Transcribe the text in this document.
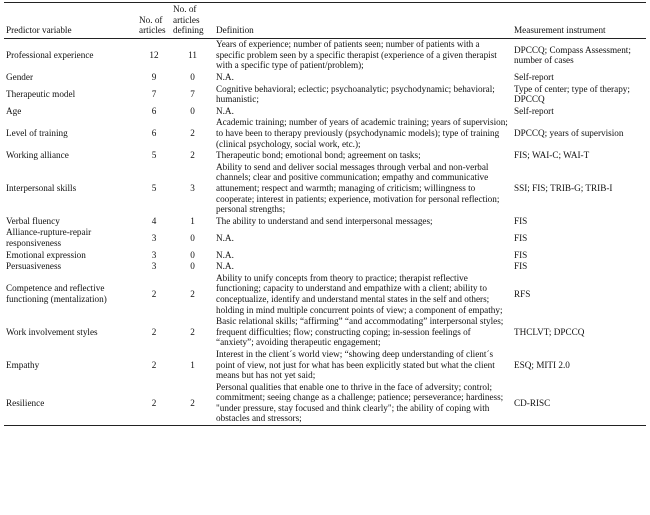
Predictor variable	No. of articles	No. of articles defining	Definition	Measurement instrument
Professional experience	12	11	Years of experience; number of patients seen; number of patients with a specific problem seen by a specific therapist (experience of a given therapist with a specific type of patient/problem);	DPCCQ; Compass Assessment; number of cases
Gender	9	0	N.A.	Self-report
Therapeutic model	7	7	Cognitive behavioral; eclectic; psychoanalytic; psychodynamic; behavioral; humanistic;	Type of center; type of therapy; DPCCQ
Age	6	0	N.A.	Self-report
Level of training	6	2	Academic training; number of years of academic training; years of supervision; to have been to therapy previously (psychodynamic models); type of training (clinical psychology, social work, etc.);	DPCCQ; years of supervision
Working alliance	5	2	Therapeutic bond; emotional bond; agreement on tasks;	FIS; WAI-C; WAI-T
Interpersonal skills	5	3	Ability to send and deliver social messages through verbal and non-verbal channels; clear and positive communication; empathy and communicative attunement; respect and warmth; managing of criticism; willingness to cooperate; interest in patients; experience, motivation for personal reflection; personal strengths;	SSI; FIS; TRIB-G; TRIB-I
Verbal fluency	4	1	The ability to understand and send interpersonal messages;	FIS
Alliance-rupture-repair responsiveness	3	0	N.A.	FIS
Emotional expression	3	0	N.A.	FIS
Persuasiveness	3	0	N.A.	FIS
Competence and reflective functioning (mentalization)	2	2	Ability to unify concepts from theory to practice; therapist reflective functioning; capacity to understand and empathize with a client; ability to conceptualize, identify and understand mental states in the self and others; holding in mind multiple concurrent points of view; a component of empathy;	RFS
Work involvement styles	2	2	Basic relational skills; “affirming” “and accommodating” interpersonal styles; frequent difficulties; flow; constructing coping; in-session feelings of “anxiety”; avoiding therapeutic engagement;	THCLVT; DPCCQ
Empathy	2	1	Interest in the client´s world view; “showing deep understanding of client´s point of view, not just for what has been explicitly stated but what the client means but has not yet said;	ESQ; MITI 2.0
Resilience	2	2	Personal qualities that enable one to thrive in the face of adversity; control; commitment; seeing change as a challenge; patience; perseverance; hardiness; "under pressure, stay focused and think clearly"; the ability of coping with obstacles and stressors;	CD-RISC
